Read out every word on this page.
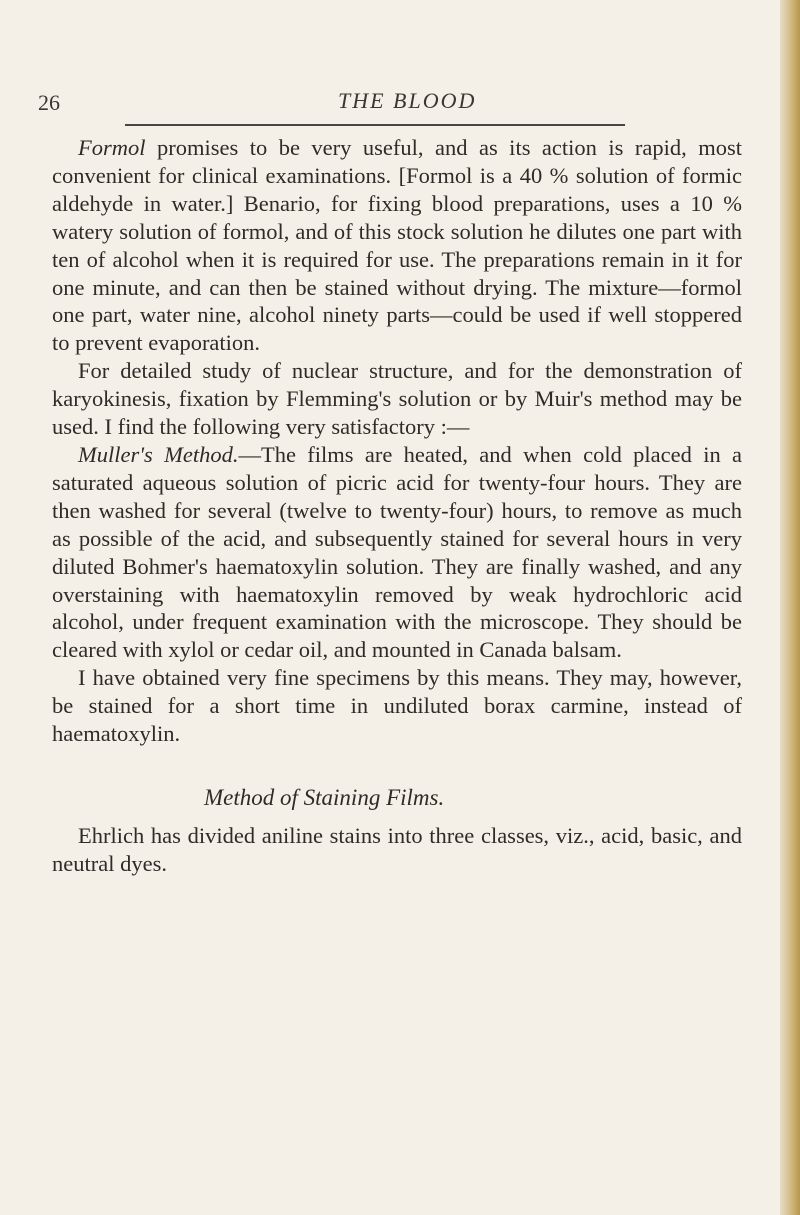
26	THE BLOOD

Formol promises to be very useful, and as its action is rapid, most convenient for clinical examinations. [Formol is a 40 % solution of formic aldehyde in water.] Benario, for fixing blood preparations, uses a 10 % watery solution of formol, and of this stock solution he dilutes one part with ten of alcohol when it is required for use. The preparations remain in it for one minute, and can then be stained without drying. The mixture—formol one part, water nine, alcohol ninety parts—could be used if well stoppered to prevent evaporation.

For detailed study of nuclear structure, and for the demonstration of karyokinesis, fixation by Flemming's solution or by Muir's method may be used. I find the following very satisfactory :—

Muller's Method.—The films are heated, and when cold placed in a saturated aqueous solution of picric acid for twenty-four hours. They are then washed for several (twelve to twenty-four) hours, to remove as much as possible of the acid, and subsequently stained for several hours in very diluted Bohmer's haematoxylin solution. They are finally washed, and any overstaining with haematoxylin removed by weak hydrochloric acid alcohol, under frequent examination with the microscope. They should be cleared with xylol or cedar oil, and mounted in Canada balsam.

I have obtained very fine specimens by this means. They may, however, be stained for a short time in undiluted borax carmine, instead of haematoxylin.

Method of Staining Films.

Ehrlich has divided aniline stains into three classes, viz., acid, basic, and neutral dyes.
